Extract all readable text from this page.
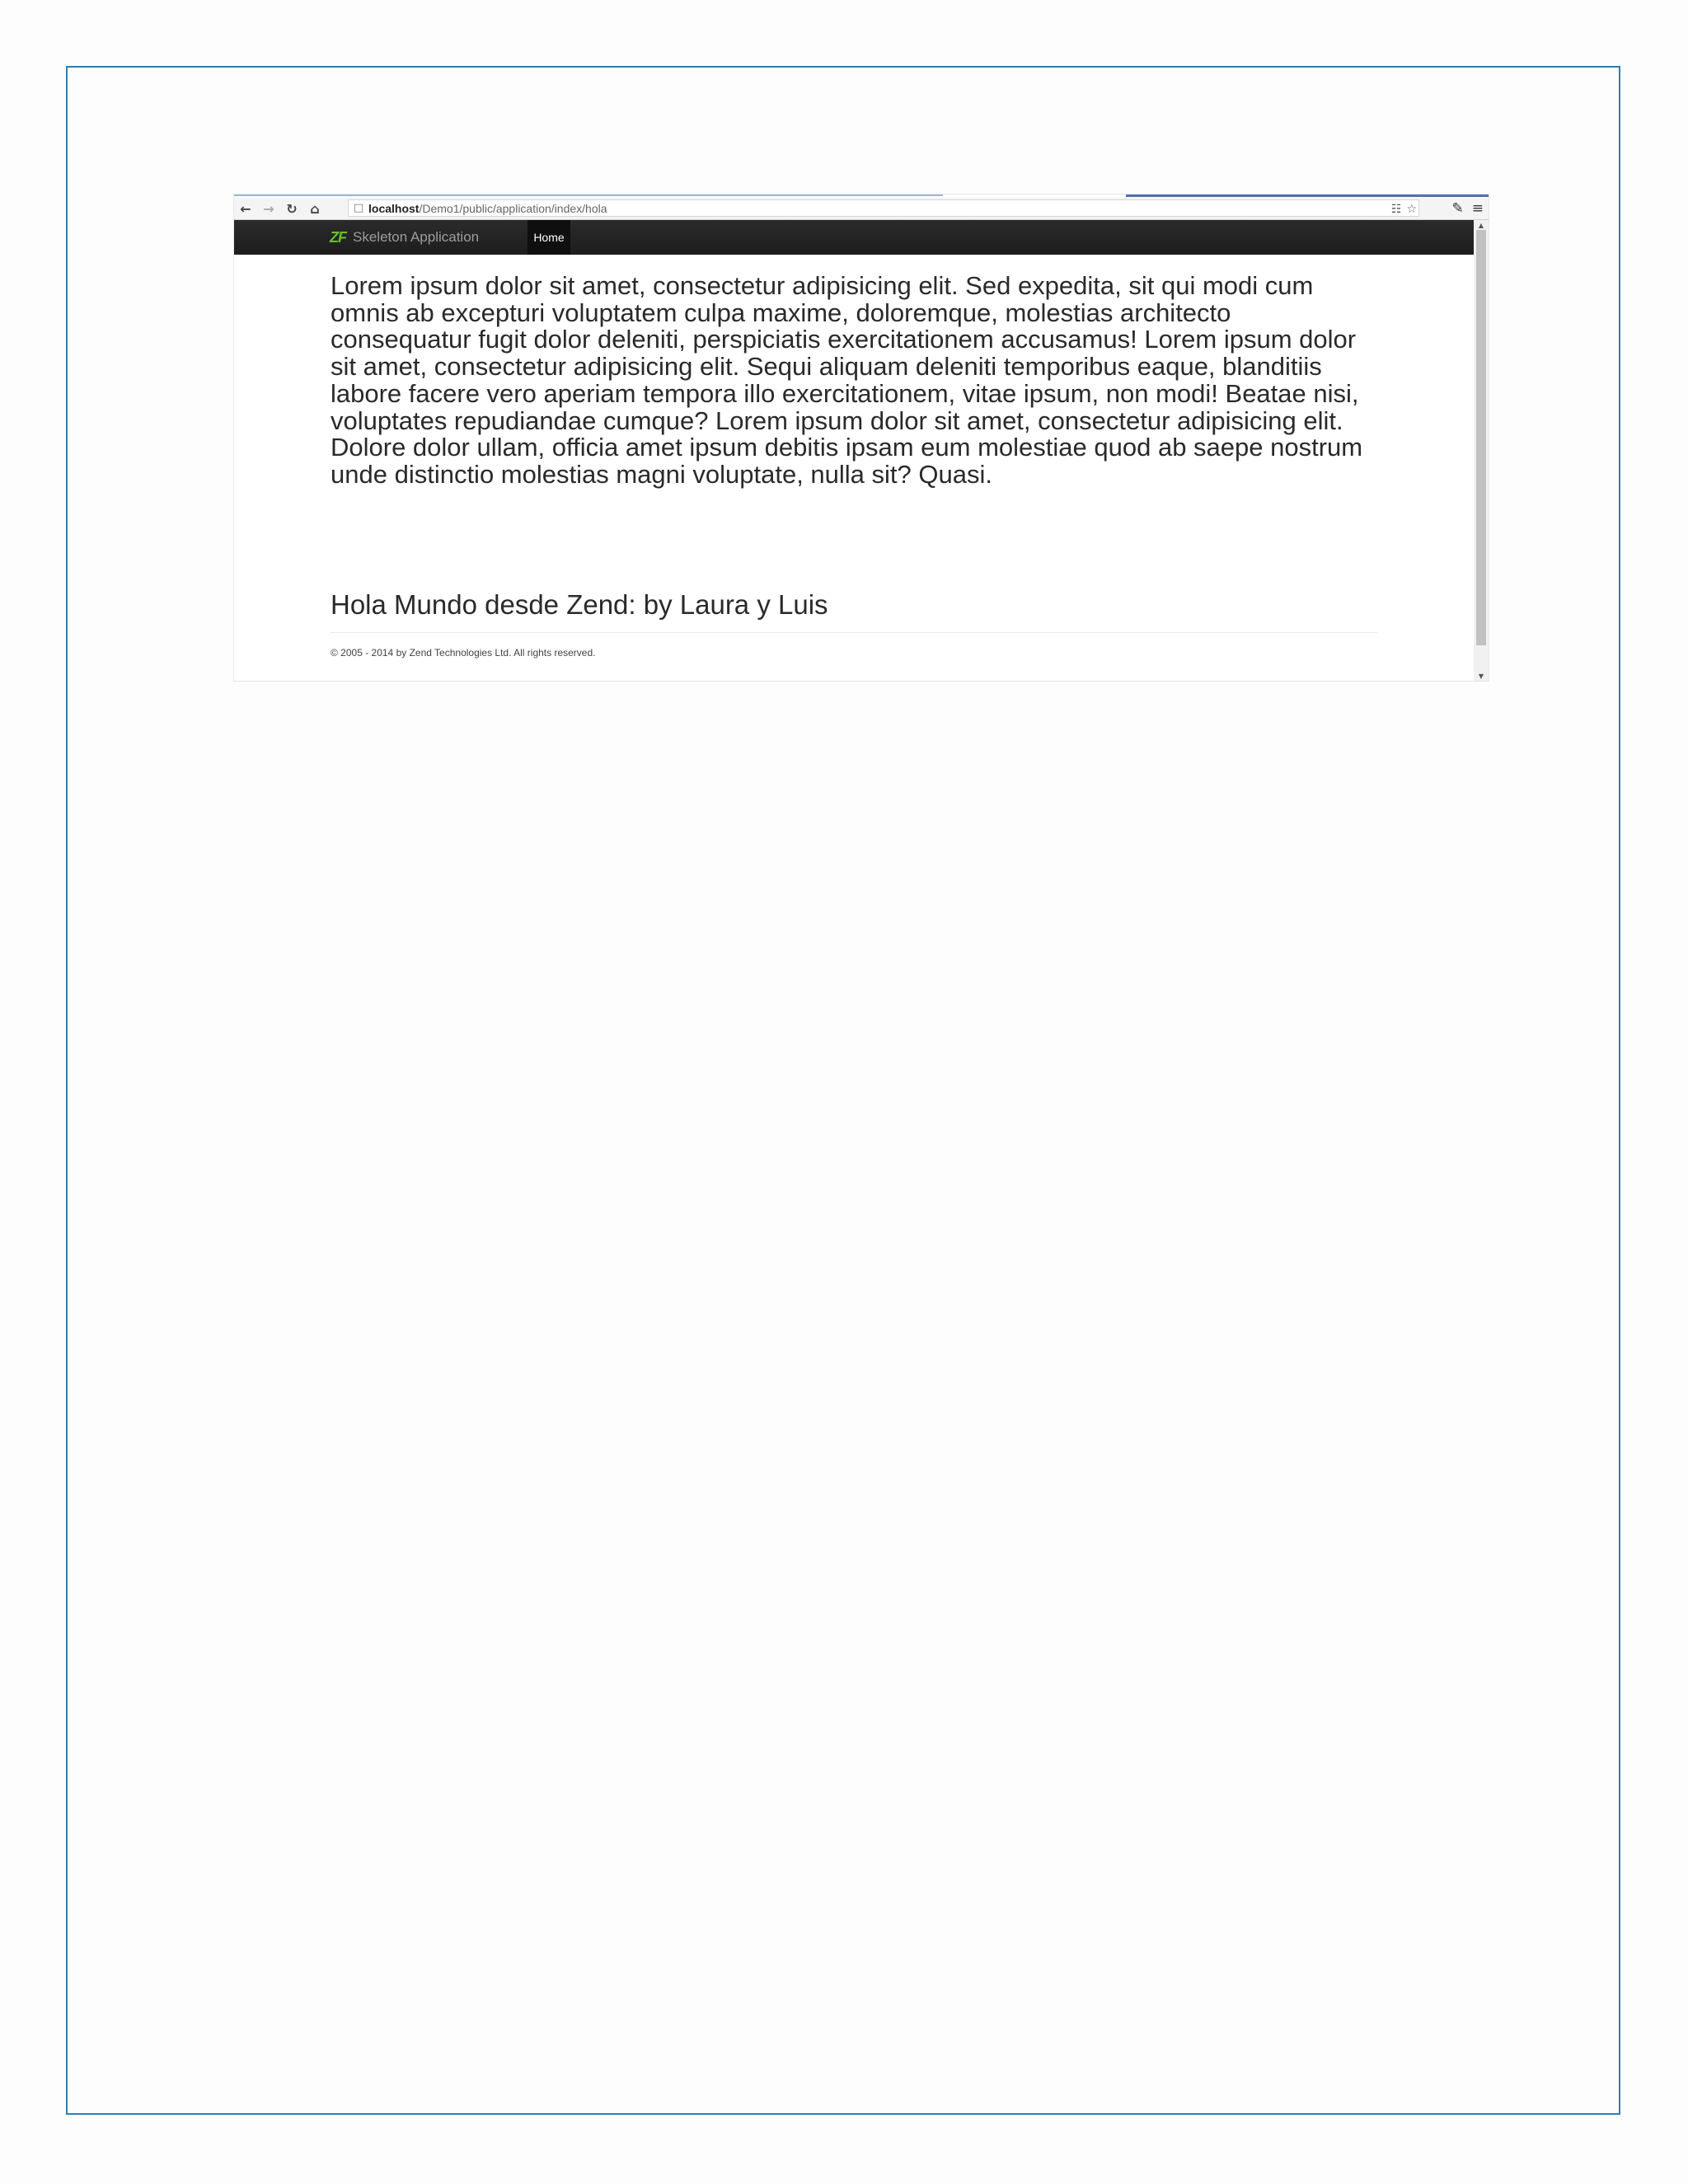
← → ↻ ⌂	□ localhost /Demo1/public/application/index/hola	☷ ☆	✎ ≡
ZF Skeleton Application	Home

Lorem ipsum dolor sit amet, consectetur adipisicing elit. Sed expedita, sit qui modi cum omnis ab excepturi voluptatem culpa maxime, doloremque, molestias architecto consequatur fugit dolor deleniti, perspiciatis exercitationem accusamus! Lorem ipsum dolor sit amet, consectetur adipisicing elit. Sequi aliquam deleniti temporibus eaque, blanditiis labore facere vero aperiam tempora illo exercitationem, vitae ipsum, non modi! Beatae nisi, voluptates repudiandae cumque? Lorem ipsum dolor sit amet, consectetur adipisicing elit. Dolore dolor ullam, officia amet ipsum debitis ipsam eum molestiae quod ab saepe nostrum unde distinctio molestias magni voluptate, nulla sit? Quasi.

Hola Mundo desde Zend: by Laura y Luis
© 2005 - 2014 by Zend Technologies Ltd. All rights reserved.
▲
▼
